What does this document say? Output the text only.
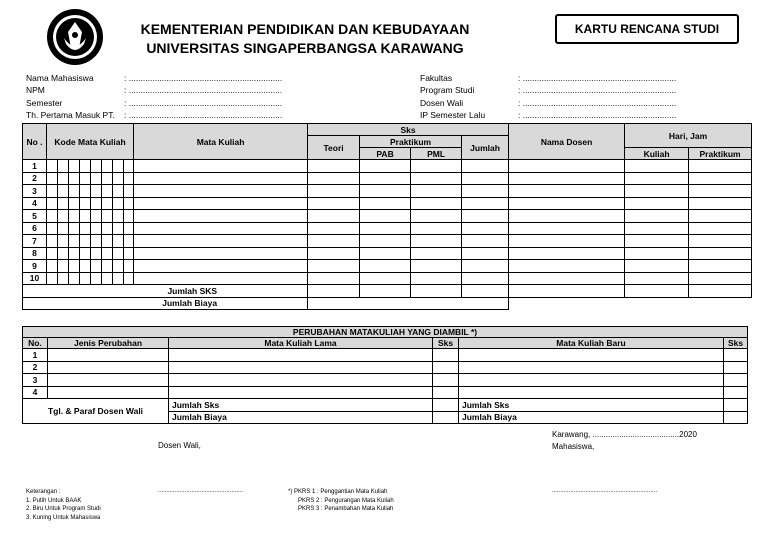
KEMENTERIAN PENDIDIKAN DAN KEBUDAYAAN
UNIVERSITAS SINGAPERBANGSA KARAWANG
KARTU RENCANA STUDI
Nama Mahasiswa	: .................................................................
NPM	: .................................................................
Semester	: .................................................................
Th. Pertama Masuk PT.	: .................................................................
Fakultas	: .................................................................
Program Studi	: .................................................................
Dosen Wali	: .................................................................
IP Semester Lalu	: .................................................................
No .	Kode Mata Kuliah								Mata Kuliah	Sks				Nama Dosen	Hari, Jam	
										Teori	Praktikum		Jumlah			
											PAB	PML			Kuliah	Praktikum
1																
2																
3																
4																
5																
6																
7																
8																
9																
10																
Jumlah SKS																
Jumlah Biaya																
PERUBAHAN MATAKULIAH YANG DIAMBIL *)					
No.	Jenis Perubahan	Mata Kuliah Lama	Sks	Mata Kuliah Baru	Sks
1					
2					
3					
4					
Tgl. & Paraf Dosen Wali		Jumlah Sks		Jumlah Sks	
		Jumlah Biaya		Jumlah Biaya	
Karawang, .......................................2020
Mahasiswa,
Dosen Wali,
...................................................	...............................................................
Keterangan :
1. Putih Untuk BAAK
2. Biru Untuk Program Studi
3. Kuning Untuk Mahasiswa
*) PKRS 1 : Penggantian Mata Kuliah
PKRS 2 : Pengurangan Mata Kuliah
PKRS 3 : Penambahan Mata Kuliah
